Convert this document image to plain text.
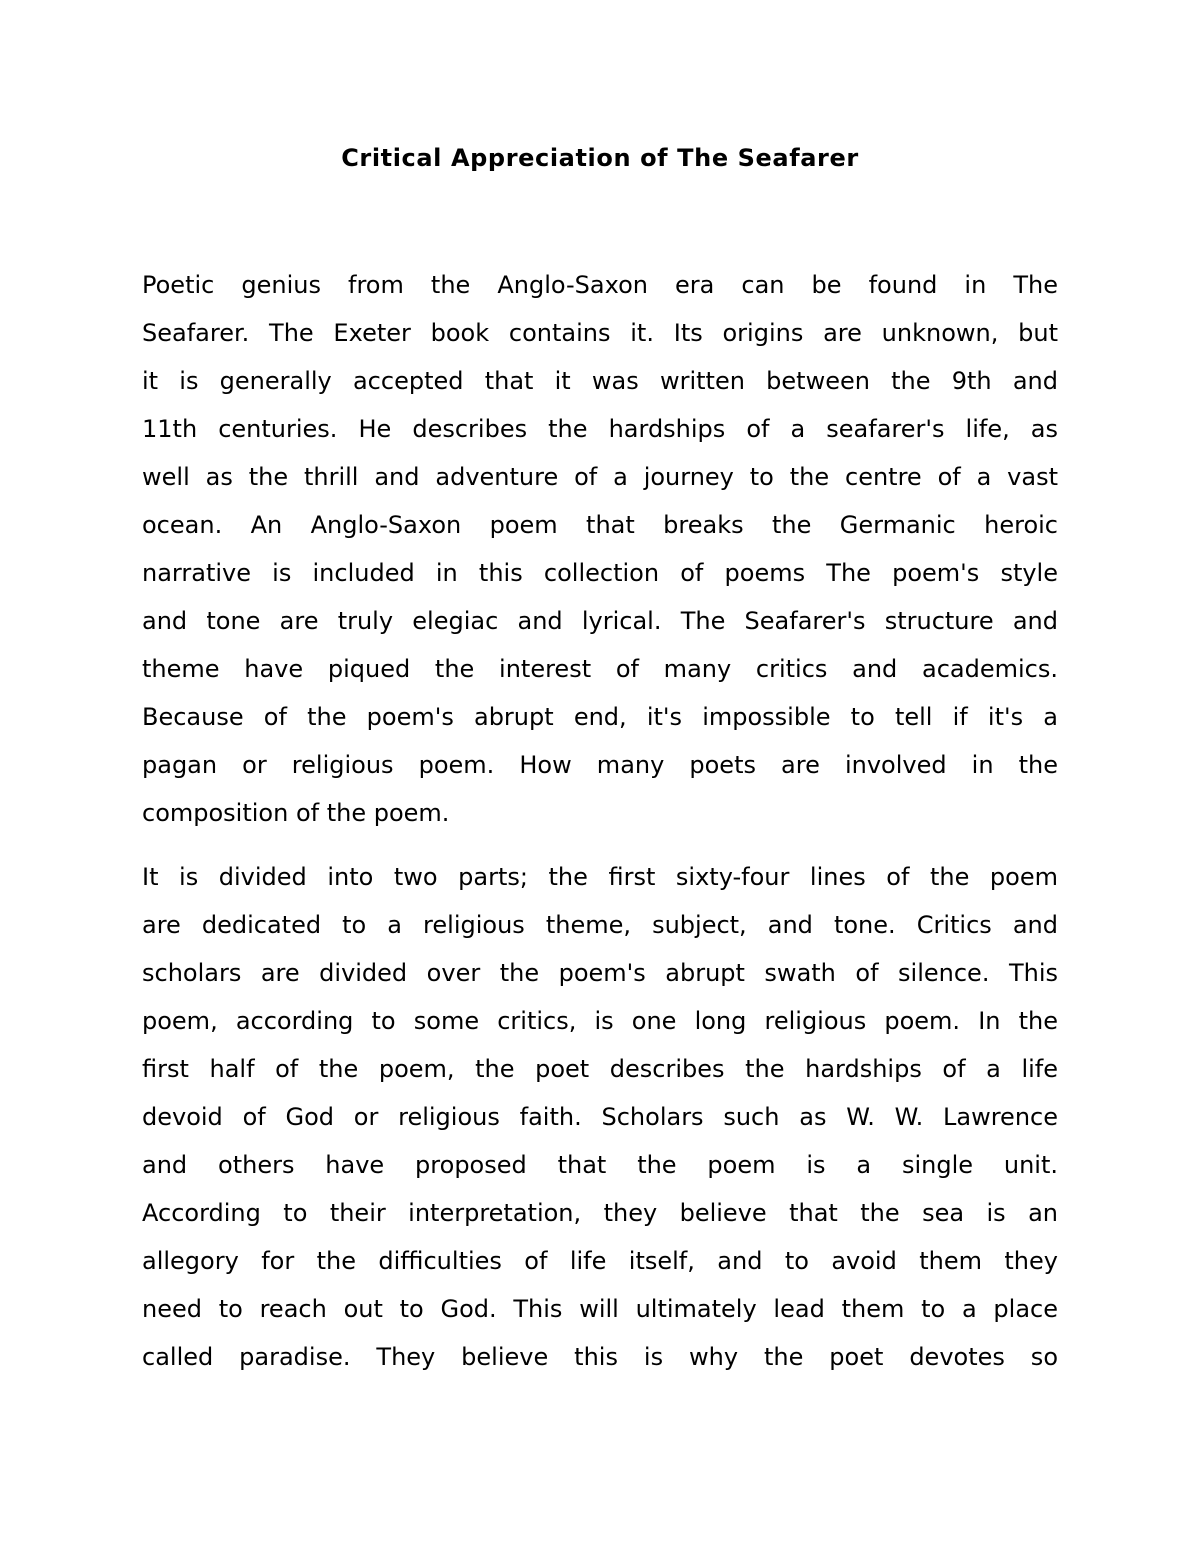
Critical Appreciation of The Seafarer

Poetic genius from the Anglo-Saxon era can be found in The
Seafarer. The Exeter book contains it. Its origins are unknown, but
it is generally accepted that it was written between the 9th and
11th centuries. He describes the hardships of a seafarer's life, as
well as the thrill and adventure of a journey to the centre of a vast
ocean. An Anglo-Saxon poem that breaks the Germanic heroic
narrative is included in this collection of poems The poem's style
and tone are truly elegiac and lyrical. The Seafarer's structure and
theme have piqued the interest of many critics and academics.
Because of the poem's abrupt end, it's impossible to tell if it's a
pagan or religious poem. How many poets are involved in the
composition of the poem.

It is divided into two parts; the first sixty-four lines of the poem
are dedicated to a religious theme, subject, and tone. Critics and
scholars are divided over the poem's abrupt swath of silence. This
poem, according to some critics, is one long religious poem. In the
first half of the poem, the poet describes the hardships of a life
devoid of God or religious faith. Scholars such as W. W. Lawrence
and others have proposed that the poem is a single unit.
According to their interpretation, they believe that the sea is an
allegory for the difficulties of life itself, and to avoid them they
need to reach out to God. This will ultimately lead them to a place
called paradise. They believe this is why the poet devotes so
